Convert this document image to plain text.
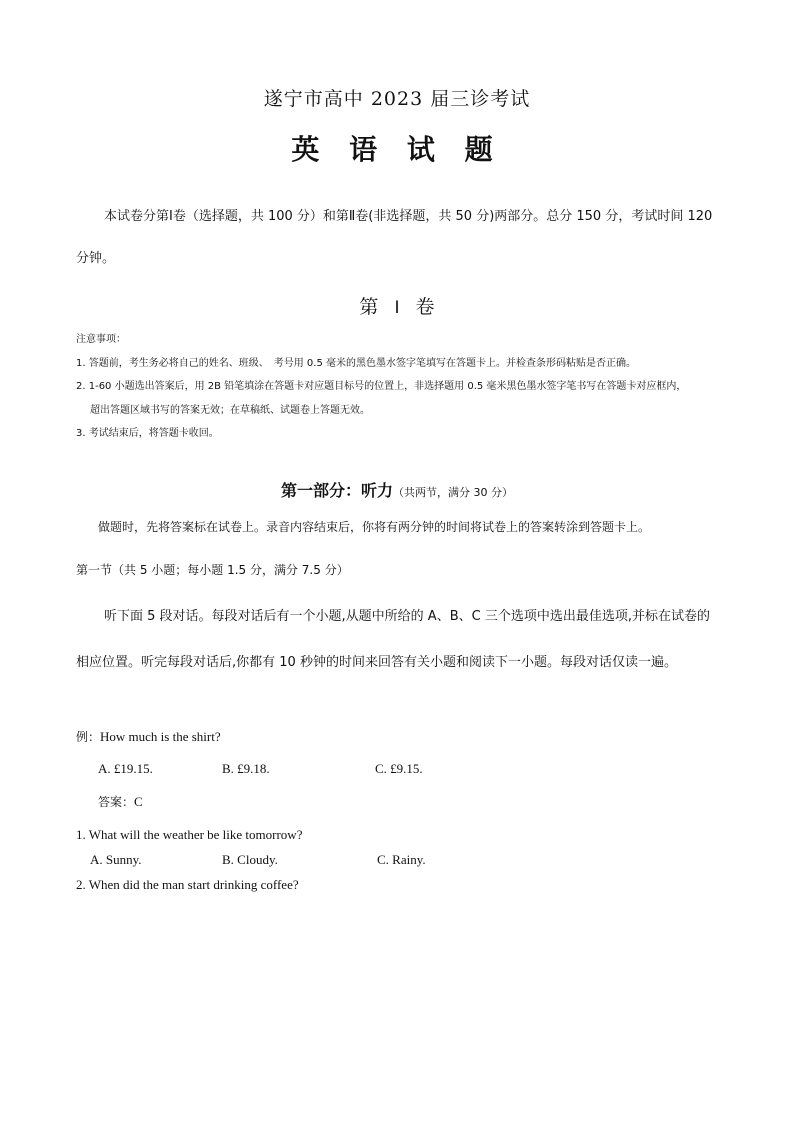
遂宁市高中 2023 届三诊考试
英 语 试 题
本试卷分第Ⅰ卷（选择题，共 100 分）和第Ⅱ卷(非选择题，共 50 分)两部分。总分 150 分，考试时间 120 分钟。
第 Ⅰ 卷
注意事项：
1. 答题前，考生务必将自己的姓名、班级、　考号用 0.5 毫米的黑色墨水签字笔填写在答题卡上。并检查条形码粘贴是否正确。
2. 1-60 小题选出答案后，用 2B 铅笔填涂在答题卡对应题目标号的位置上，非选择题用 0.5 毫米黑色墨水签字笔书写在答题卡对应框内，
超出答题区域书写的答案无效；在草稿纸、试题卷上答题无效。
3. 考试结束后，将答题卡收回。
第一部分：听力（共两节，满分 30 分）
做题时，先将答案标在试卷上。录音内容结束后，你将有两分钟的时间将试卷上的答案转涂到答题卡上。
第一节（共 5 小题；每小题 1.5 分，满分 7.5 分）
听下面 5 段对话。每段对话后有一个小题,从题中所给的 A、B、C 三个选项中选出最佳选项,并标在试卷的相应位置。听完每段对话后,你都有 10 秒钟的时间来回答有关小题和阅读下一小题。每段对话仅读一遍。
例：How much is the shirt?
A. £19.15.	B. £9.18.	C. £9.15.
答案：C
1. What will the weather be like tomorrow?
A. Sunny.	B. Cloudy.	C. Rainy.
2. When did the man start drinking coffee?
